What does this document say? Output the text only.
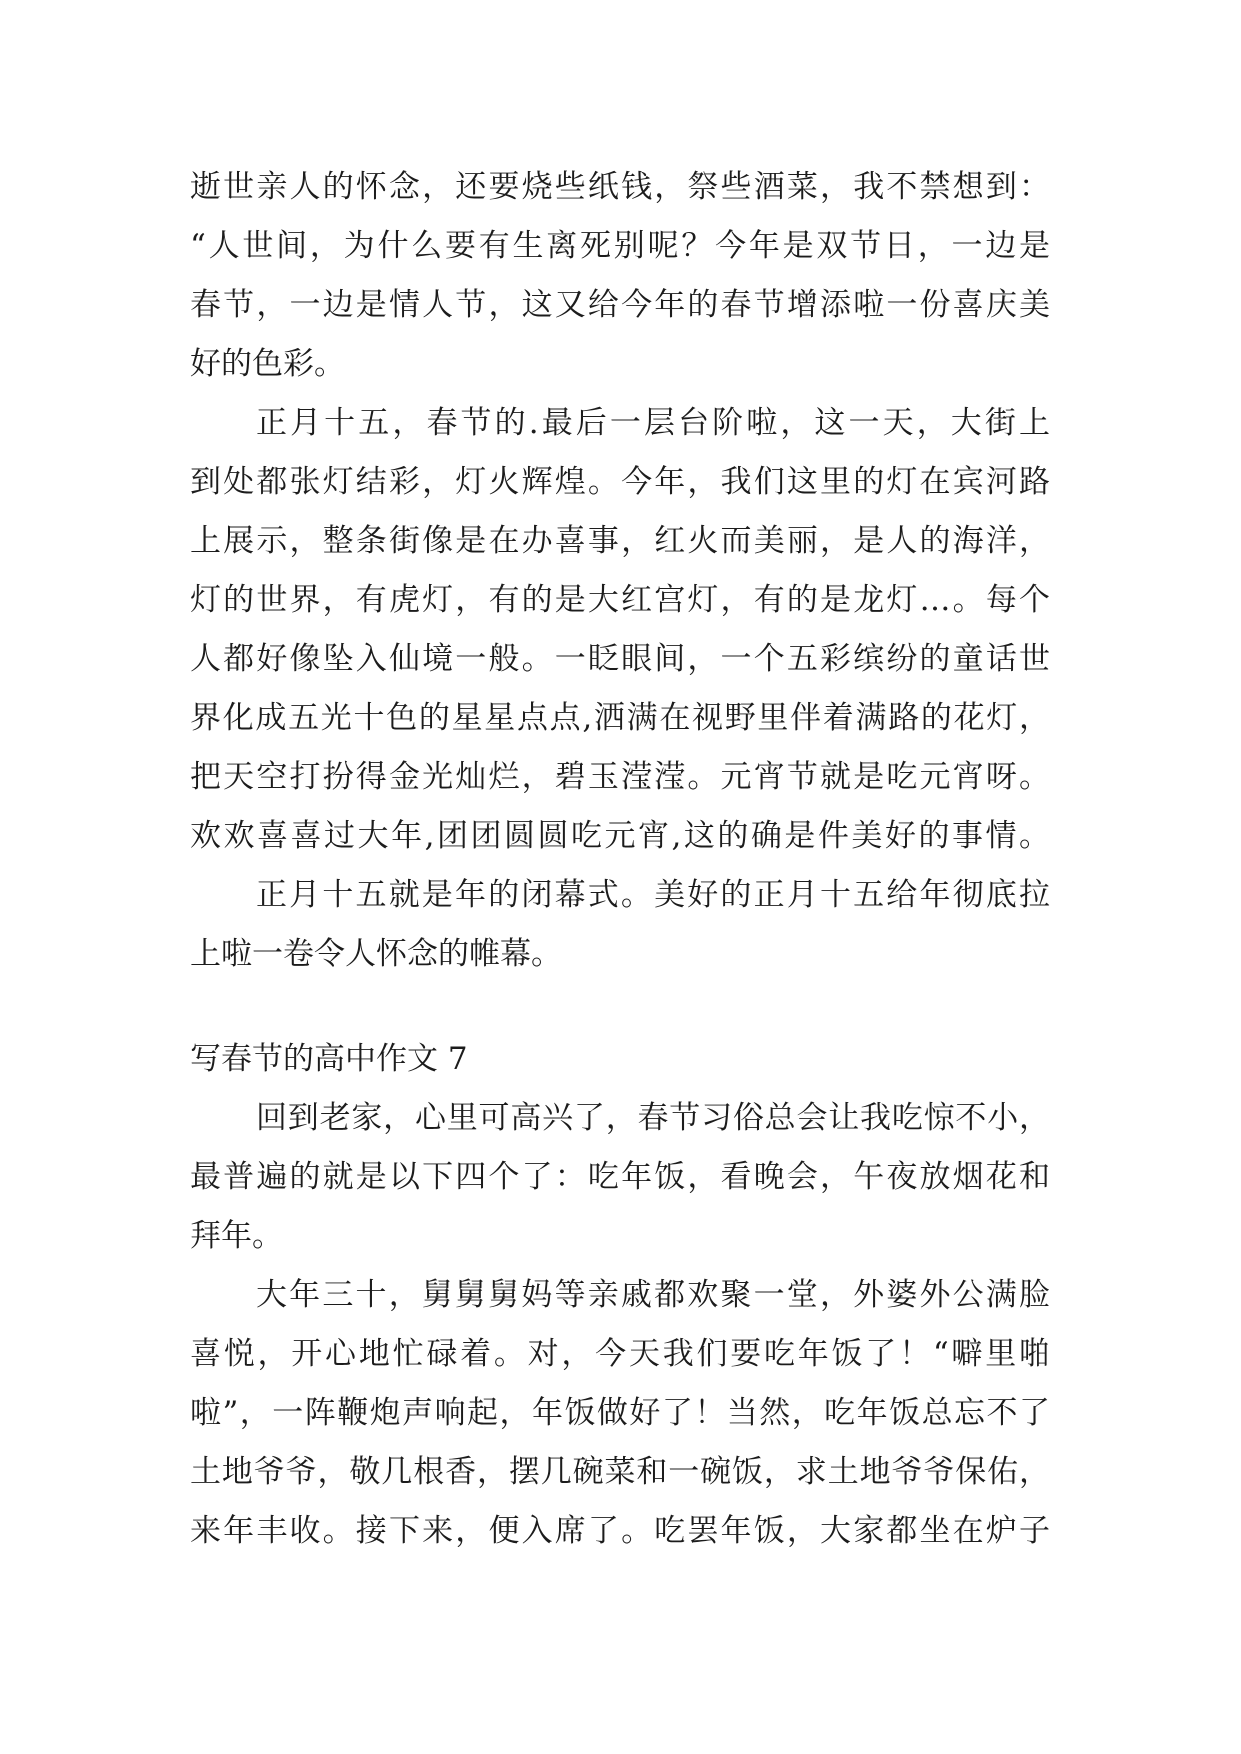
逝世亲人的怀念，还要烧些纸钱，祭些酒菜，我不禁想到：
“人世间，为什么要有生离死别呢？今年是双节日，一边是
春节，一边是情人节，这又给今年的春节增添啦一份喜庆美
好的色彩。
正月十五，春节的.最后一层台阶啦，这一天，大街上
到处都张灯结彩，灯火辉煌。今年，我们这里的灯在宾河路
上展示，整条街像是在办喜事，红火而美丽，是人的海洋，
灯的世界，有虎灯，有的是大红宫灯，有的是龙灯…。每个
人都好像坠入仙境一般。一眨眼间，一个五彩缤纷的童话世
界化成五光十色的星星点点,洒满在视野里伴着满路的花灯，
把天空打扮得金光灿烂，碧玉滢滢。元宵节就是吃元宵呀。
欢欢喜喜过大年,团团圆圆吃元宵,这的确是件美好的事情。
正月十五就是年的闭幕式。美好的正月十五给年彻底拉
上啦一卷令人怀念的帷幕。
写春节的高中作文 7
回到老家，心里可高兴了，春节习俗总会让我吃惊不小，
最普遍的就是以下四个了：吃年饭，看晚会，午夜放烟花和
拜年。
大年三十，舅舅舅妈等亲戚都欢聚一堂，外婆外公满脸
喜悦，开心地忙碌着。对，今天我们要吃年饭了！“噼里啪
啦”，一阵鞭炮声响起，年饭做好了！当然，吃年饭总忘不了
土地爷爷，敬几根香，摆几碗菜和一碗饭，求土地爷爷保佑，
来年丰收。接下来，便入席了。吃罢年饭，大家都坐在炉子
